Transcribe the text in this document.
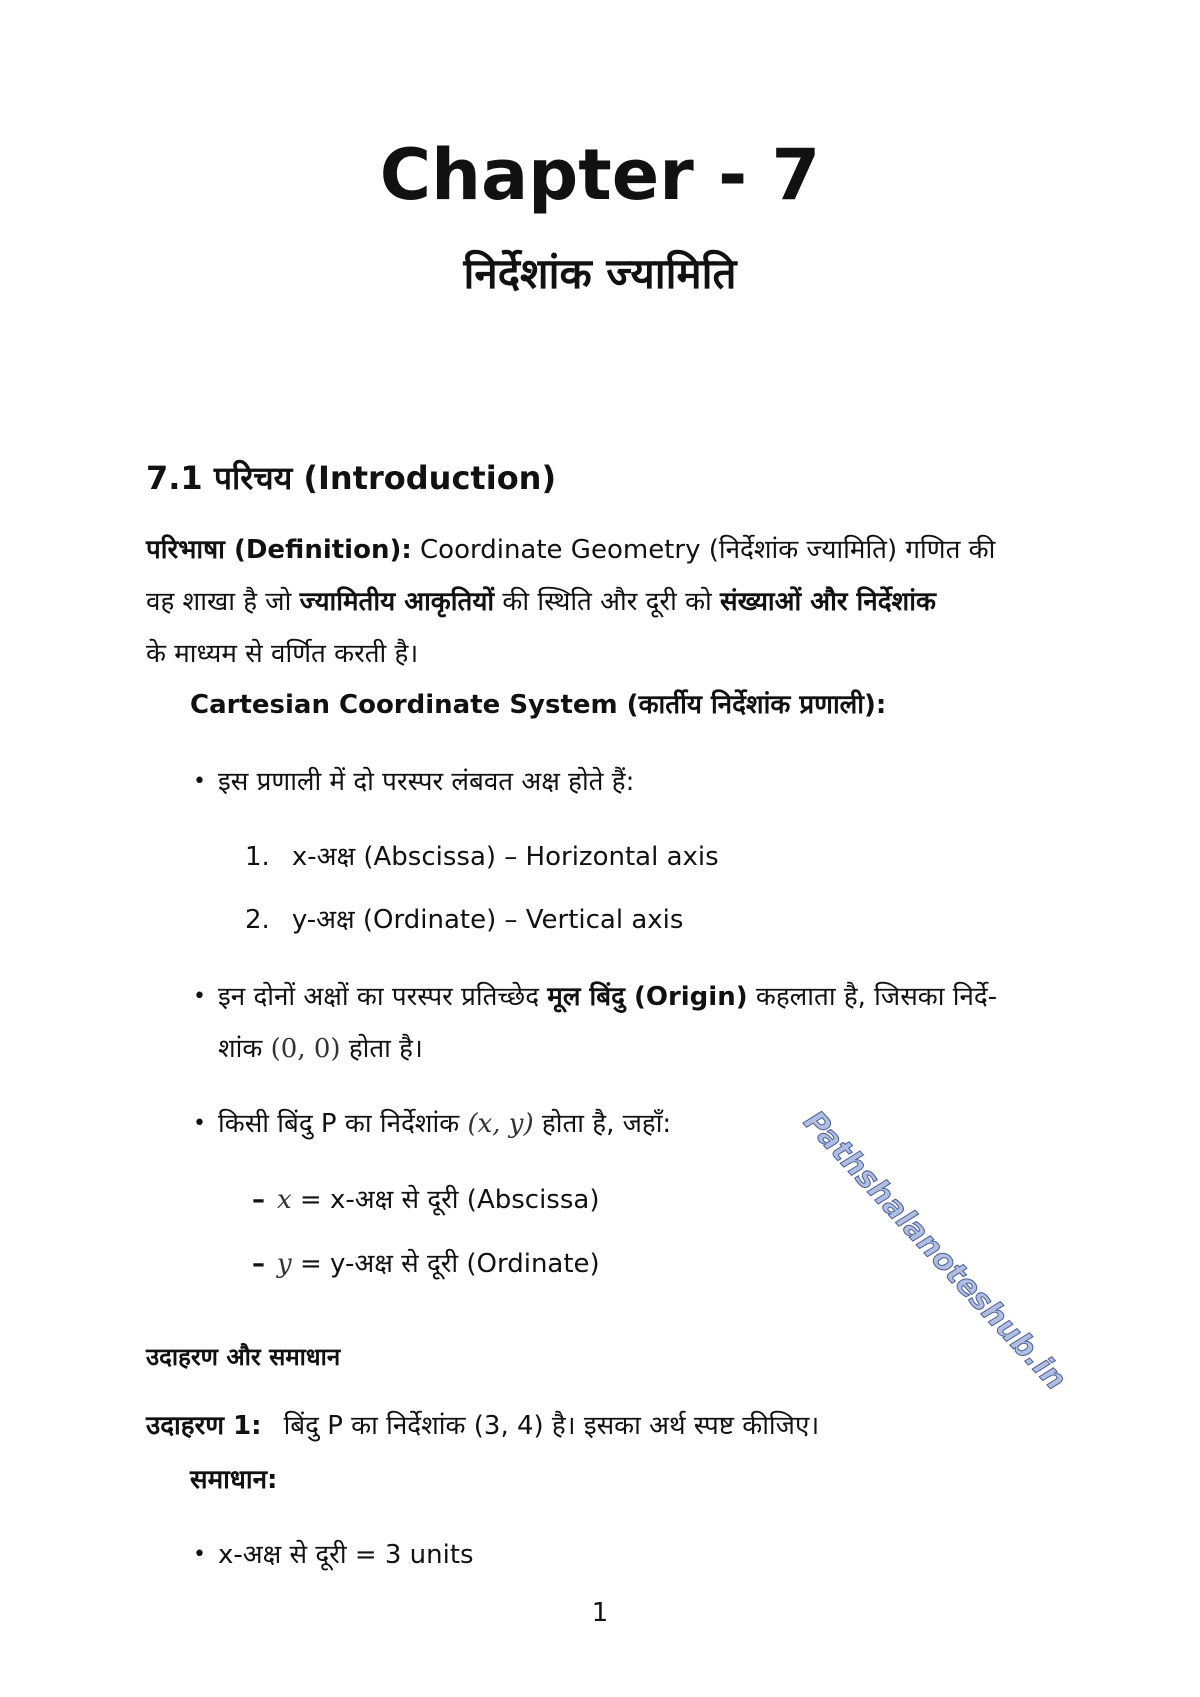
Chapter - 7
निर्देशांक ज्यामिति
7.1 परिचय (Introduction)
परिभाषा (Definition): Coordinate Geometry (निर्देशांक ज्यामिति) गणित की
वह शाखा है जो ज्यामितीय आकृतियों की स्थिति और दूरी को संख्याओं और निर्देशांक
के माध्यम से वर्णित करती है।
Cartesian Coordinate System (कार्तीय निर्देशांक प्रणाली):
• इस प्रणाली में दो परस्पर लंबवत अक्ष होते हैं:
1. x-अक्ष (Abscissa) – Horizontal axis
2. y-अक्ष (Ordinate) – Vertical axis
• इन दोनों अक्षों का परस्पर प्रतिच्छेद मूल बिंदु (Origin) कहलाता है, जिसका निर्दे-
शांक (0, 0) होता है।
• किसी बिंदु P का निर्देशांक (x, y) होता है, जहाँ:
– x = x-अक्ष से दूरी (Abscissa)
– y = y-अक्ष से दूरी (Ordinate)
उदाहरण और समाधान
उदाहरण 1: बिंदु P का निर्देशांक (3, 4) है। इसका अर्थ स्पष्ट कीजिए।
समाधान:
• x-अक्ष से दूरी = 3 units
1
Pathshalanoteshub.in
